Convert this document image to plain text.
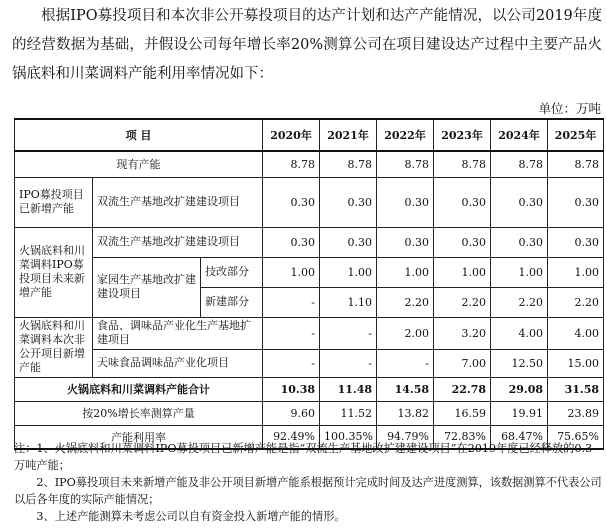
根据IPO募投项目和本次非公开募投项目的达产计划和达产产能情况，以公司2019年度的经营数据为基础，并假设公司每年增长率20%测算公司在项目建设达产过程中主要产品火锅底料和川菜调料产能利用率情况如下：
单位：万吨
项 目			2020年	2021年	2022年	2023年	2024年	2025年
现有产能			8.78	8.78	8.78	8.78	8.78	8.78
IPO募投项目已新增产能	双流生产基地改扩建建设项目		0.30	0.30	0.30	0.30	0.30	0.30
火锅底料和川菜调料IPO募投项目未来新增产能	双流生产基地改扩建建设项目		0.30	0.30	0.30	0.30	0.30	0.30
	家园生产基地改扩建建设项目	技改部分	1.00	1.00	1.00	1.00	1.00	1.00
		新建部分	-	1.10	2.20	2.20	2.20	2.20
火锅底料和川菜调料本次非公开项目新增产能	食品、调味品产业化生产基地扩建项目		-	-	2.00	3.20	4.00	4.00
	天味食品调味品产业化项目		-	-	-	7.00	12.50	15.00
火锅底料和川菜调料产能合计			10.38	11.48	14.58	22.78	29.08	31.58
按20%增长率测算产量			9.60	11.52	13.82	16.59	19.91	23.89
产能利用率			92.49%	100.35%	94.79%	72.83%	68.47%	75.65%

注：1、火锅底料和川菜调料IPO募投项目已新增产能是指“双流生产基地改扩建建设项目”在2019年度已经释放的0.3万吨产能；

2、IPO募投项目未来新增产能及非公开项目新增产能系根据预计完成时间及达产进度测算，该数据测算不代表公司以后各年度的实际产能情况；

3、上述产能测算未考虑公司以自有资金投入新增产能的情形。
